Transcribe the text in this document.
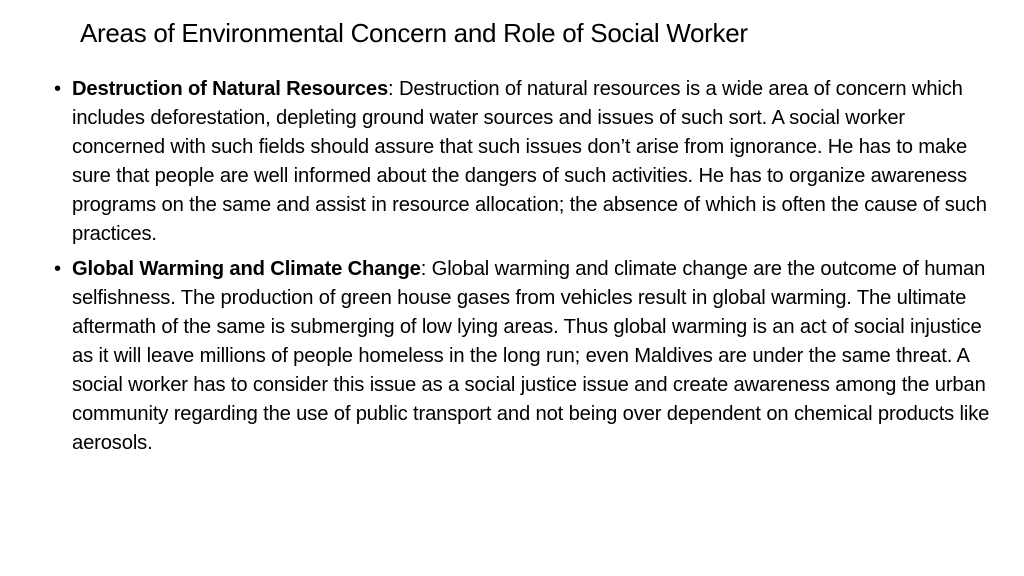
Areas of Environmental Concern and Role of Social Worker
• Destruction of Natural Resources: Destruction of natural resources is a wide area of concern which includes deforestation, depleting ground water sources and issues of such sort. A social worker concerned with such fields should assure that such issues don’t arise from ignorance. He has to make sure that people are well informed about the dangers of such activities. He has to organize awareness programs on the same and assist in resource allocation; the absence of which is often the cause of such practices.
• Global Warming and Climate Change: Global warming and climate change are the outcome of human selfishness. The production of green house gases from vehicles result in global warming. The ultimate aftermath of the same is submerging of low lying areas. Thus global warming is an act of social injustice as it will leave millions of people homeless in the long run; even Maldives are under the same threat. A social worker has to consider this issue as a social justice issue and create awareness among the urban community regarding the use of public transport and not being over dependent on chemical products like aerosols.
